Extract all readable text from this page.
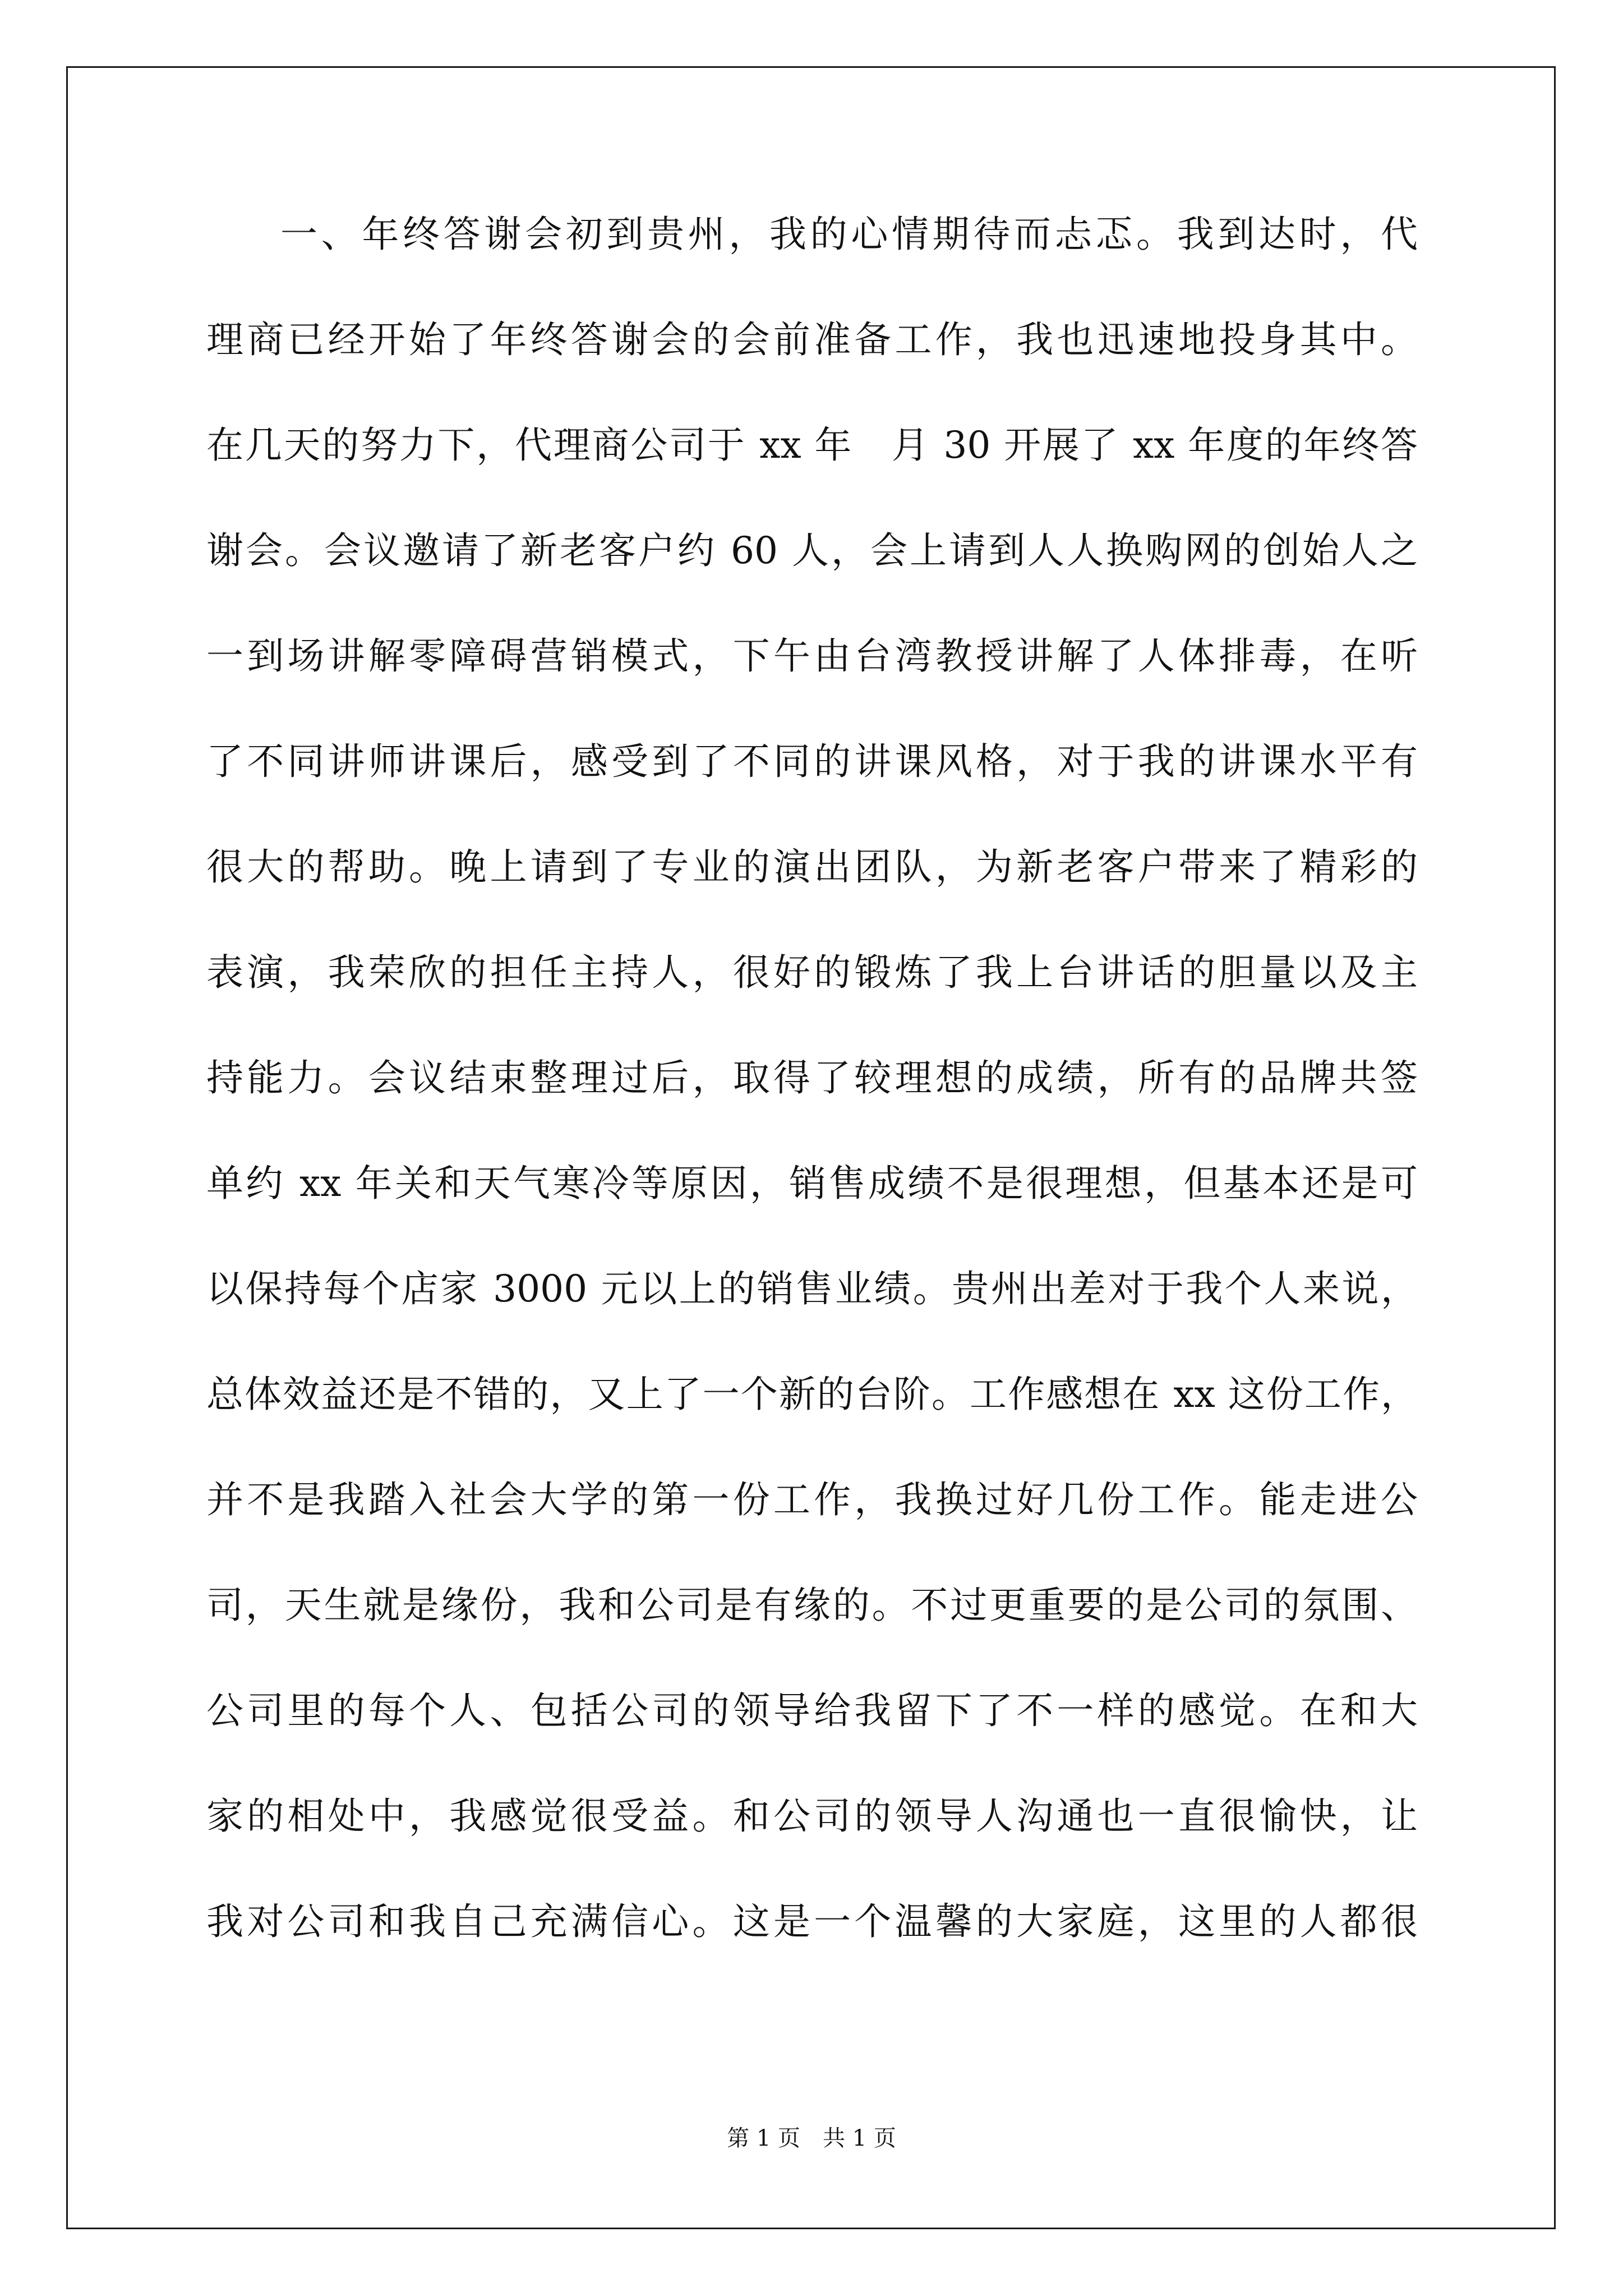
一、年终答谢会初到贵州，我的心情期待而忐忑。我到达时，代
理商已经开始了年终答谢会的会前准备工作，我也迅速地投身其中。
在几天的努力下，代理商公司于 xx 年　月 30 开展了 xx 年度的年终答
谢会。会议邀请了新老客户约 60 人，会上请到人人换购网的创始人之
一到场讲解零障碍营销模式，下午由台湾教授讲解了人体排毒，在听
了不同讲师讲课后，感受到了不同的讲课风格，对于我的讲课水平有
很大的帮助。晚上请到了专业的演出团队，为新老客户带来了精彩的
表演，我荣欣的担任主持人，很好的锻炼了我上台讲话的胆量以及主
持能力。会议结束整理过后，取得了较理想的成绩，所有的品牌共签
单约 xx 年关和天气寒冷等原因，销售成绩不是很理想，但基本还是可
以保持每个店家 3000 元以上的销售业绩。贵州出差对于我个人来说，
总体效益还是不错的，又上了一个新的台阶。工作感想在 xx 这份工作，
并不是我踏入社会大学的第一份工作，我换过好几份工作。能走进公
司，天生就是缘份，我和公司是有缘的。不过更重要的是公司的氛围、
公司里的每个人、包括公司的领导给我留下了不一样的感觉。在和大
家的相处中，我感觉很受益。和公司的领导人沟通也一直很愉快，让
我对公司和我自己充满信心。这是一个温馨的大家庭，这里的人都很
第 1 页　共 1 页
